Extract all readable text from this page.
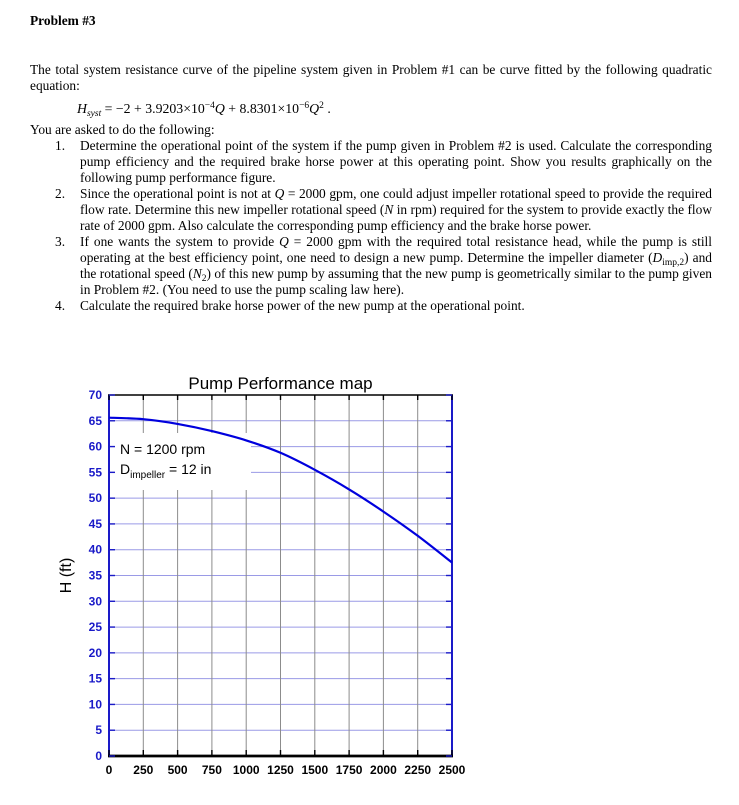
Problem #3

The total system resistance curve of the pipeline system given in Problem #1 can be curve fitted by the following quadratic equation:

$H_{syst} = -2 + 3.9203\times 10^{-4}Q + 8.8301\times 10^{-6}Q^2$ .

You are asked to do the following:

1. Determine the operational point of the system if the pump given in Problem #2 is used. Calculate the corresponding pump efficiency and the required brake horse power at this operating point. Show you results graphically on the following pump performance figure.
2. Since the operational point is not at Q = 2000 gpm, one could adjust impeller rotational speed to provide the required flow rate. Determine this new impeller rotational speed (N in rpm) required for the system to provide exactly the flow rate of 2000 gpm. Also calculate the corresponding pump efficiency and the brake horse power.
3. If one wants the system to provide Q = 2000 gpm with the required total resistance head, while the pump is still operating at the best efficiency point, one need to design a new pump. Determine the impeller diameter $(D_{imp,2})$ and the rotational speed $(N_2)$ of this new pump by assuming that the new pump is geometrically similar to the pump given in Problem #2. (You need to use the pump scaling law here).
4. Calculate the required brake horse power of the new pump at the operational point.
N = 1200 rpm
$D_{impeller} = 12$ in
0 250 500 750 1000 1250 1500 1750 2000 2250 2500
0
5
10
15
20
25
30
35
40
45
50
55
60
65
70
Pump Performance map
H (ft)
